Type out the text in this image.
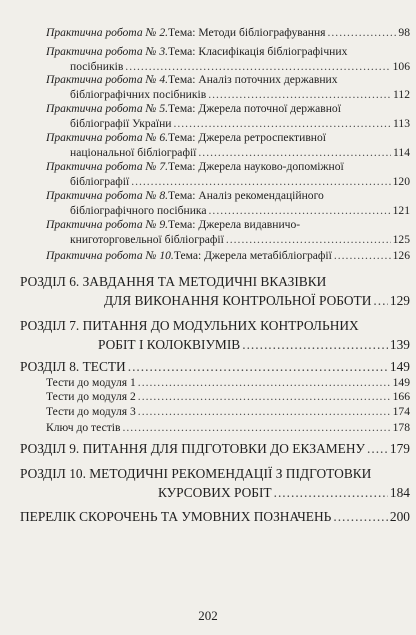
Практична робота № 2. Тема: Методи бібліографування .....	98
Практична робота № 3. Тема: Класифікація бібліографічних
посібників .....	106
Практична робота № 4. Тема: Аналіз поточних державних
бібліографічних посібників .....	112
Практична робота № 5. Тема: Джерела поточної державної
бібліографії України .....	113
Практична робота № 6. Тема: Джерела ретроспективної
національної бібліографії .....	114
Практична робота № 7. Тема: Джерела науково-допоміжної
бібліографії .....	120
Практична робота № 8. Тема: Аналіз рекомендаційного
бібліографічного посібника .....	121
Практична робота № 9. Тема: Джерела видавничо-
книготорговельної бібліографії .....	125
Практична робота № 10. Тема: Джерела метабібліографії .....	126
РОЗДІЛ 6. ЗАВДАННЯ ТА МЕТОДИЧНІ ВКАЗІВКИ
ДЛЯ ВИКОНАННЯ КОНТРОЛЬНОЇ РОБОТИ ..... 129
РОЗДІЛ 7. ПИТАННЯ ДО МОДУЛЬНИХ КОНТРОЛЬНИХ
РОБІТ І КОЛОКВІУМІВ .....	139
РОЗДІЛ 8. ТЕСТИ .....	149
Тести до модуля 1 .....	149
Тести до модуля 2 .....	166
Тести до модуля 3 .....	174
Ключ до тестів .....	178
РОЗДІЛ 9. ПИТАННЯ ДЛЯ ПІДГОТОВКИ ДО ЕКЗАМЕНУ ..... 179
РОЗДІЛ 10. МЕТОДИЧНІ РЕКОМЕНДАЦІЇ З ПІДГОТОВКИ
КУРСОВИХ РОБІТ .....	184
ПЕРЕЛІК СКОРОЧЕНЬ ТА УМОВНИХ ПОЗНАЧЕНЬ .....	200
202
